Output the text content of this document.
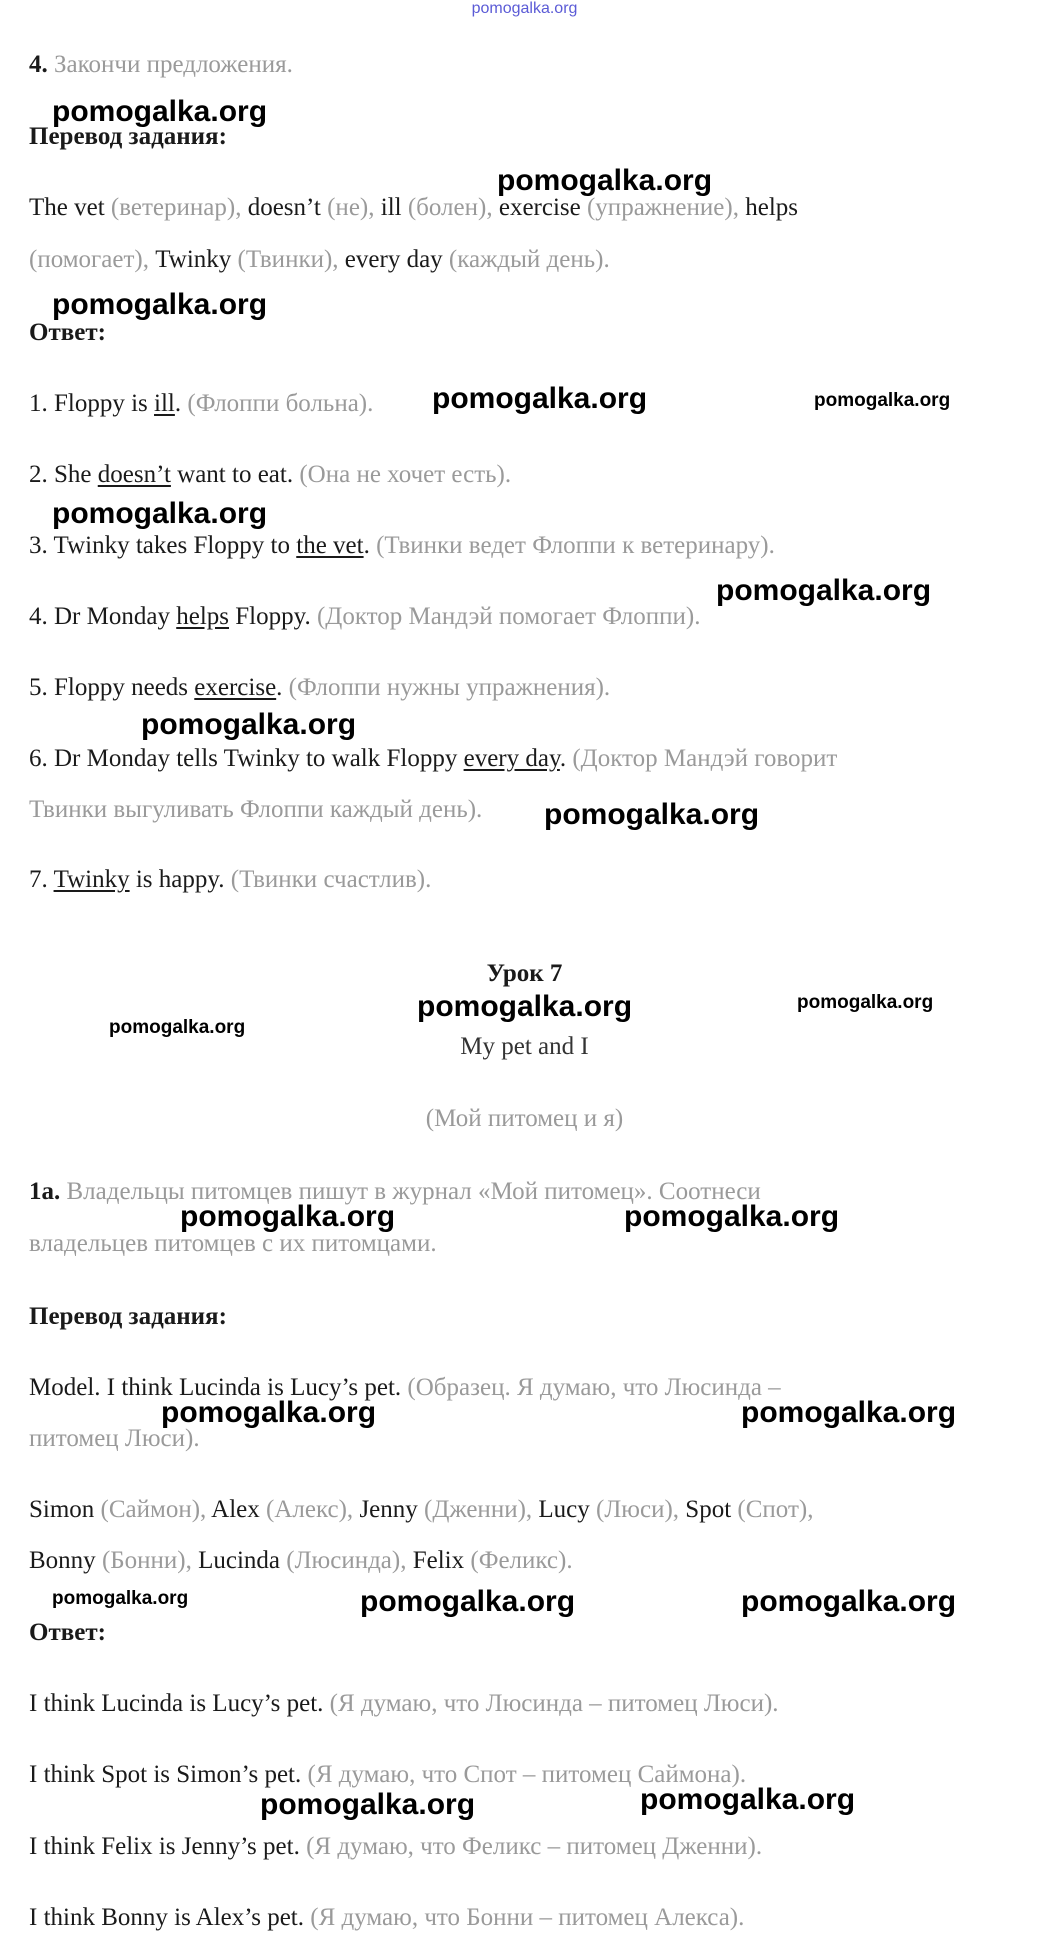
pomogalka.org
4. Закончи предложения.
Перевод задания:
The vet (ветеринар), doesn’t (не), ill (болен), exercise (упражнение), helps
(помогает), Twinky (Твинки), every day (каждый день).
Ответ:
1. Floppy is ill. (Флоппи больна).
2. She doesn’t want to eat. (Она не хочет есть).
3. Twinky takes Floppy to the vet. (Твинки ведет Флоппи к ветеринару).
4. Dr Monday helps Floppy. (Доктор Мандэй помогает Флоппи).
5. Floppy needs exercise. (Флоппи нужны упражнения).
6. Dr Monday tells Twinky to walk Floppy every day. (Доктор Мандэй говорит
Твинки выгуливать Флоппи каждый день).
7. Twinky is happy. (Твинки счастлив).
Урок 7
My pet and I
(Мой питомец и я)
1a. Владельцы питомцев пишут в журнал «Мой питомец». Соотнеси
владельцев питомцев с их питомцами.
Перевод задания:
Model. I think Lucinda is Lucy’s pet. (Образец. Я думаю, что Люсинда –
питомец Люси).
Simon (Саймон), Alex (Алекс), Jenny (Дженни), Lucy (Люси), Spot (Спот),
Bonny (Бонни), Lucinda (Люсинда), Felix (Феликс).
Ответ:
I think Lucinda is Lucy’s pet. (Я думаю, что Люсинда – питомец Люси).
I think Spot is Simon’s pet. (Я думаю, что Спот – питомец Саймона).
I think Felix is Jenny’s pet. (Я думаю, что Феликс – питомец Дженни).
I think Bonny is Alex’s pet. (Я думаю, что Бонни – питомец Алекса).
pomogalka.org
pomogalka.org
pomogalka.org
pomogalka.org	pomogalka.org
pomogalka.org
pomogalka.org
pomogalka.org
pomogalka.org
pomogalka.org	pomogalka.org
pomogalka.org
pomogalka.org	pomogalka.org
pomogalka.org	pomogalka.org
pomogalka.org	pomogalka.org	pomogalka.org
pomogalka.org	pomogalka.org
